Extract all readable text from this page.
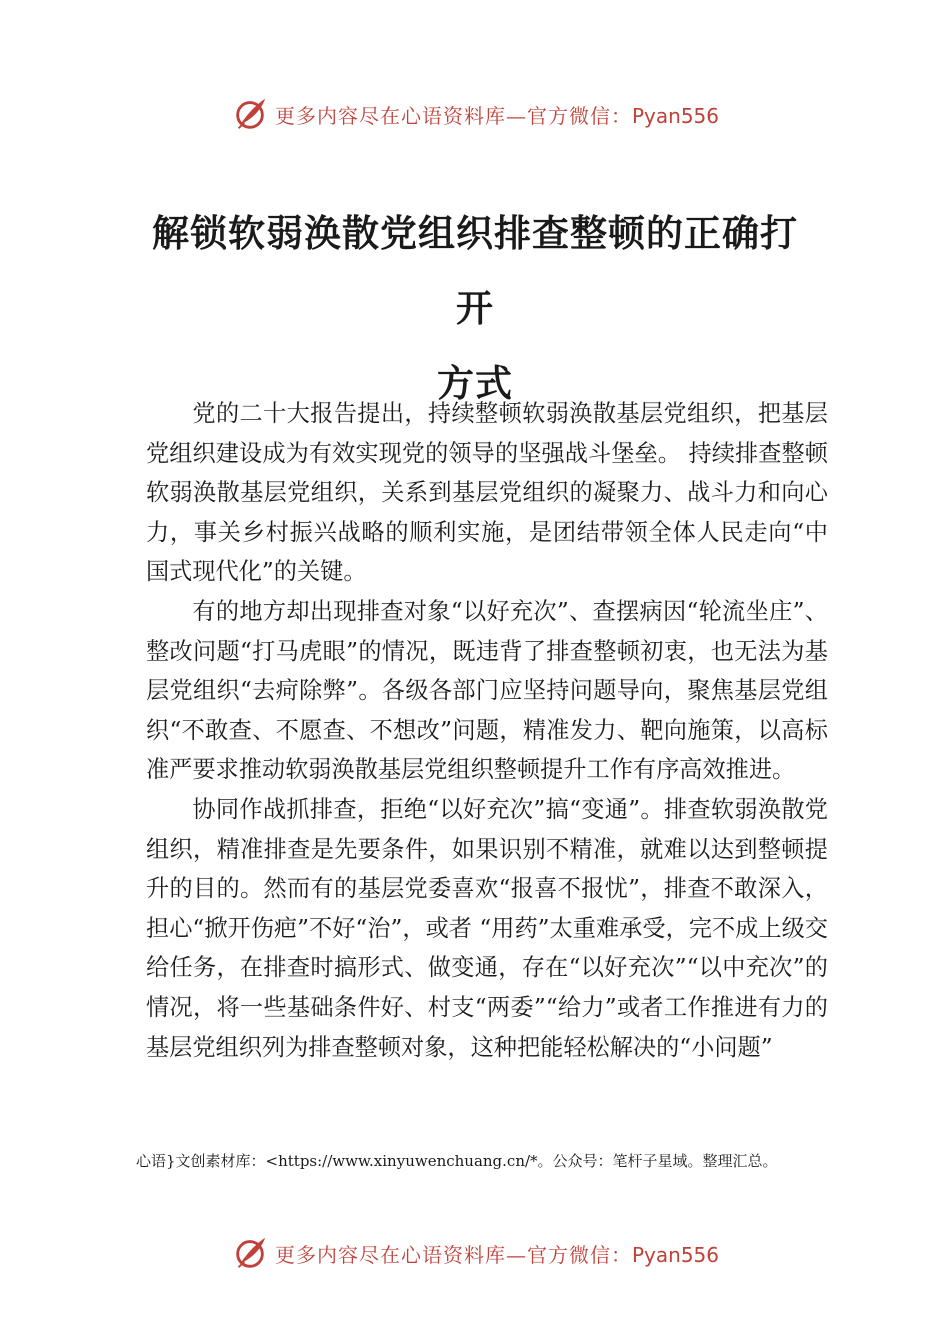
更多内容尽在心语资料库—官方微信：Pyan556
解锁软弱涣散党组织排查整顿的正确打开
方式

党的二十大报告提出，持续整顿软弱涣散基层党组织，把基层党组织建设成为有效实现党的领导的坚强战斗堡垒。 持续排查整顿软弱涣散基层党组织，关系到基层党组织的凝聚力、战斗力和向心力，事关乡村振兴战略的顺利实施，是团结带领全体人民走向“中国式现代化”的关键。

有的地方却出现排查对象“以好充次”、查摆病因“轮流坐庄”、整改问题“打马虎眼”的情况，既违背了排查整顿初衷，也无法为基层党组织“去疴除弊”。各级各部门应坚持问题导向，聚焦基层党组织“不敢查、不愿查、不想改”问题，精准发力、靶向施策，以高标准严要求推动软弱涣散基层党组织整顿提升工作有序高效推进。

协同作战抓排查，拒绝“以好充次”搞“变通”。排查软弱涣散党组织，精准排查是先要条件，如果识别不精准，就难以达到整顿提升的目的。然而有的基层党委喜欢“报喜不报忧”，排查不敢深入，担心“掀开伤疤”不好“治”，或者 “用药”太重难承受，完不成上级交给任务，在排查时搞形式、做变通，存在“以好充次”“以中充次”的情况，将一些基础条件好、村支“两委”“给力”或者工作推进有力的基层党组织列为排查整顿对象，这种把能轻松解决的“小问题”

心语}文创素材库：<https://www.xinyuwenchuang.cn/*。公众号：笔杆子星域。整理汇总。
更多内容尽在心语资料库—官方微信：Pyan556
